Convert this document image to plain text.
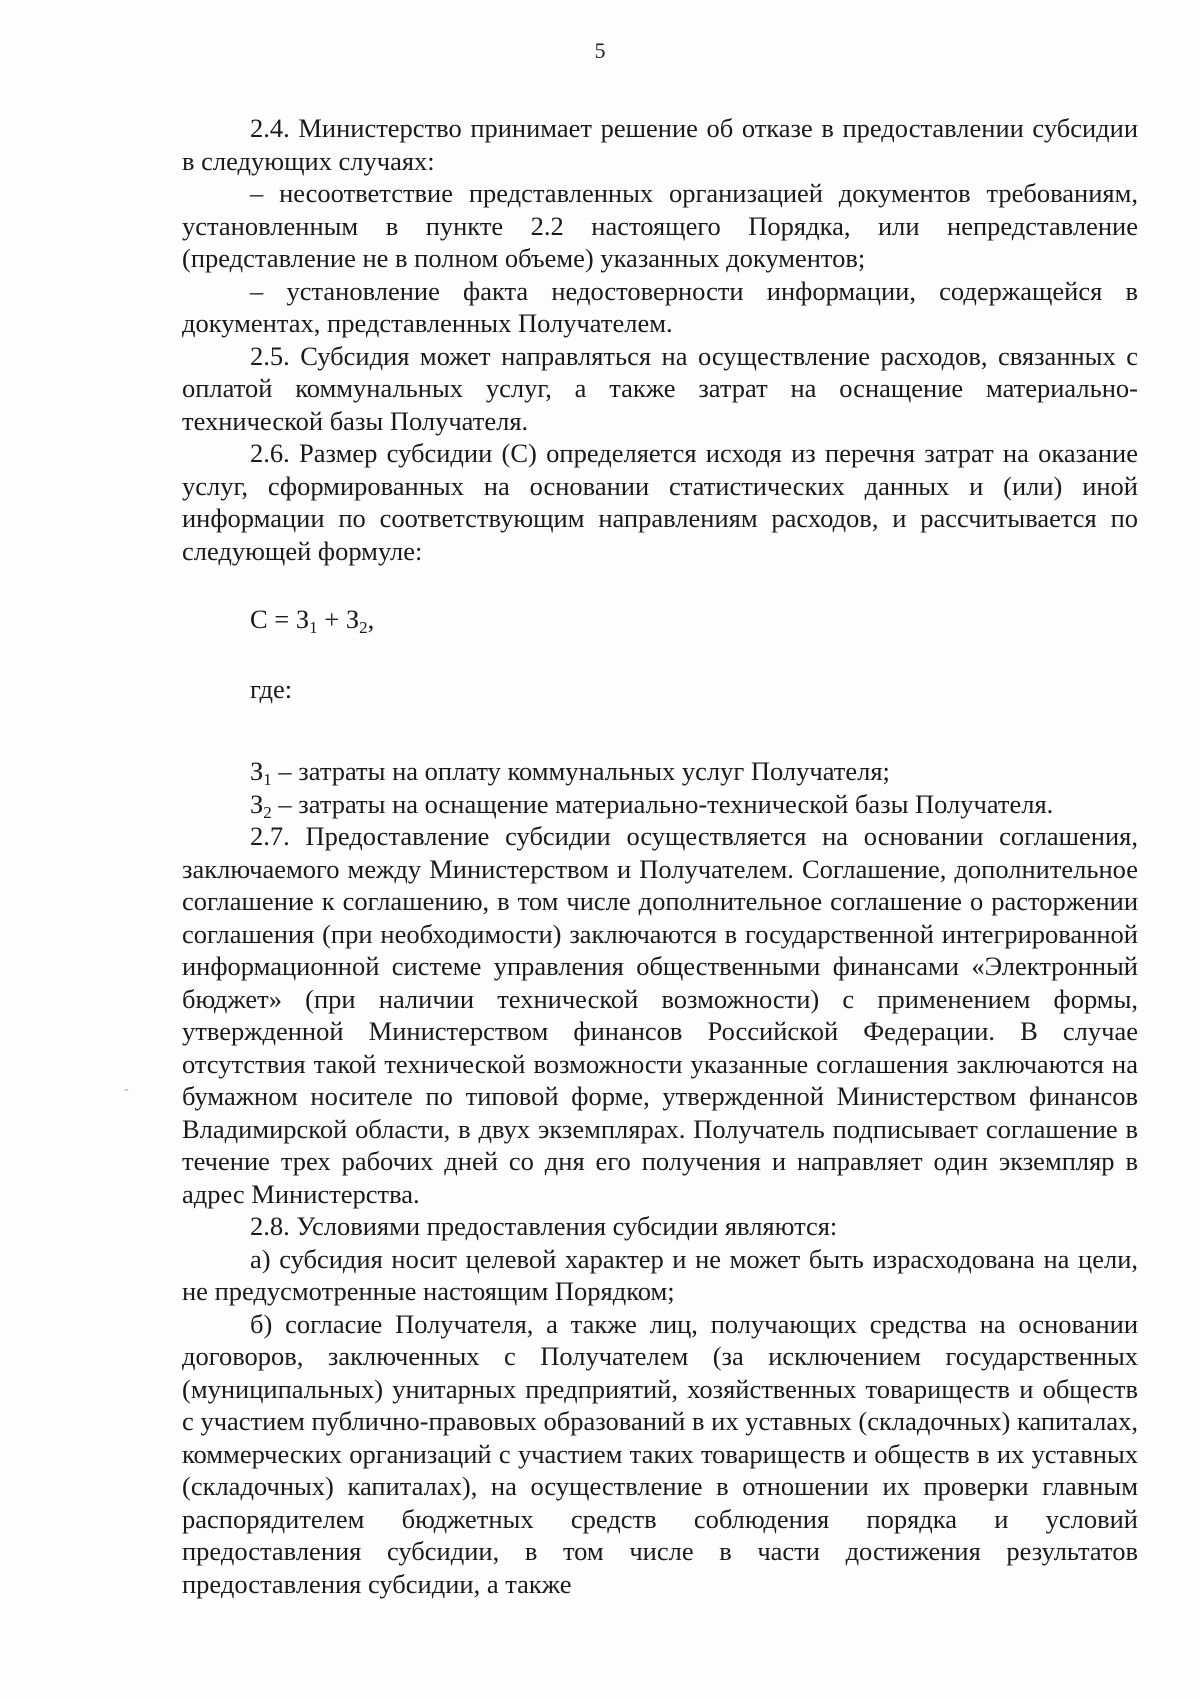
5

2.4. Министерство принимает решение об отказе в предоставлении субсидии в следующих случаях:

– несоответствие представленных организацией документов требованиям, установленным в пункте 2.2 настоящего Порядка, или непредставление (представление не в полном объеме) указанных документов;

– установление факта недостоверности информации, содержащейся в документах, представленных Получателем.

2.5. Субсидия может направляться на осуществление расходов, связанных с оплатой коммунальных услуг, а также затрат на оснащение материально-технической базы Получателя.

2.6. Размер субсидии (С) определяется исходя из перечня затрат на оказание услуг, сформированных на основании статистических данных и (или) иной информации по соответствующим направлениям расходов, и рассчитывается по следующей формуле:

$С = З_1 + З_2$,
где:

$З_1$ – затраты на оплату коммунальных услуг Получателя;

$З_2$ – затраты на оснащение материально-технической базы Получателя.

2.7. Предоставление субсидии осуществляется на основании соглашения, заключаемого между Министерством и Получателем. Соглашение, дополнительное соглашение к соглашению, в том числе дополнительное соглашение о расторжении соглашения (при необходимости) заключаются в государственной интегрированной информационной системе управления общественными финансами «Электронный бюджет» (при наличии технической возможности) с применением формы, утвержденной Министерством финансов Российской Федерации. В случае отсутствия такой технической возможности указанные соглашения заключаются на бумажном носителе по типовой форме, утвержденной Министерством финансов Владимирской области, в двух экземплярах. Получатель подписывает соглашение в течение трех рабочих дней со дня его получения и направляет один экземпляр в адрес Министерства.

2.8. Условиями предоставления субсидии являются:

а) субсидия носит целевой характер и не может быть израсходована на цели, не предусмотренные настоящим Порядком;

б) согласие Получателя, а также лиц, получающих средства на основании договоров, заключенных с Получателем (за исключением государственных (муниципальных) унитарных предприятий, хозяйственных товариществ и обществ с участием публично-правовых образований в их уставных (складочных) капиталах, коммерческих организаций с участием таких товариществ и обществ в их уставных (складочных) капиталах), на осуществление в отношении их проверки главным распорядителем бюджетных средств соблюдения порядка и условий предоставления субсидии, в том числе в части достижения результатов предоставления субсидии, а также

-
